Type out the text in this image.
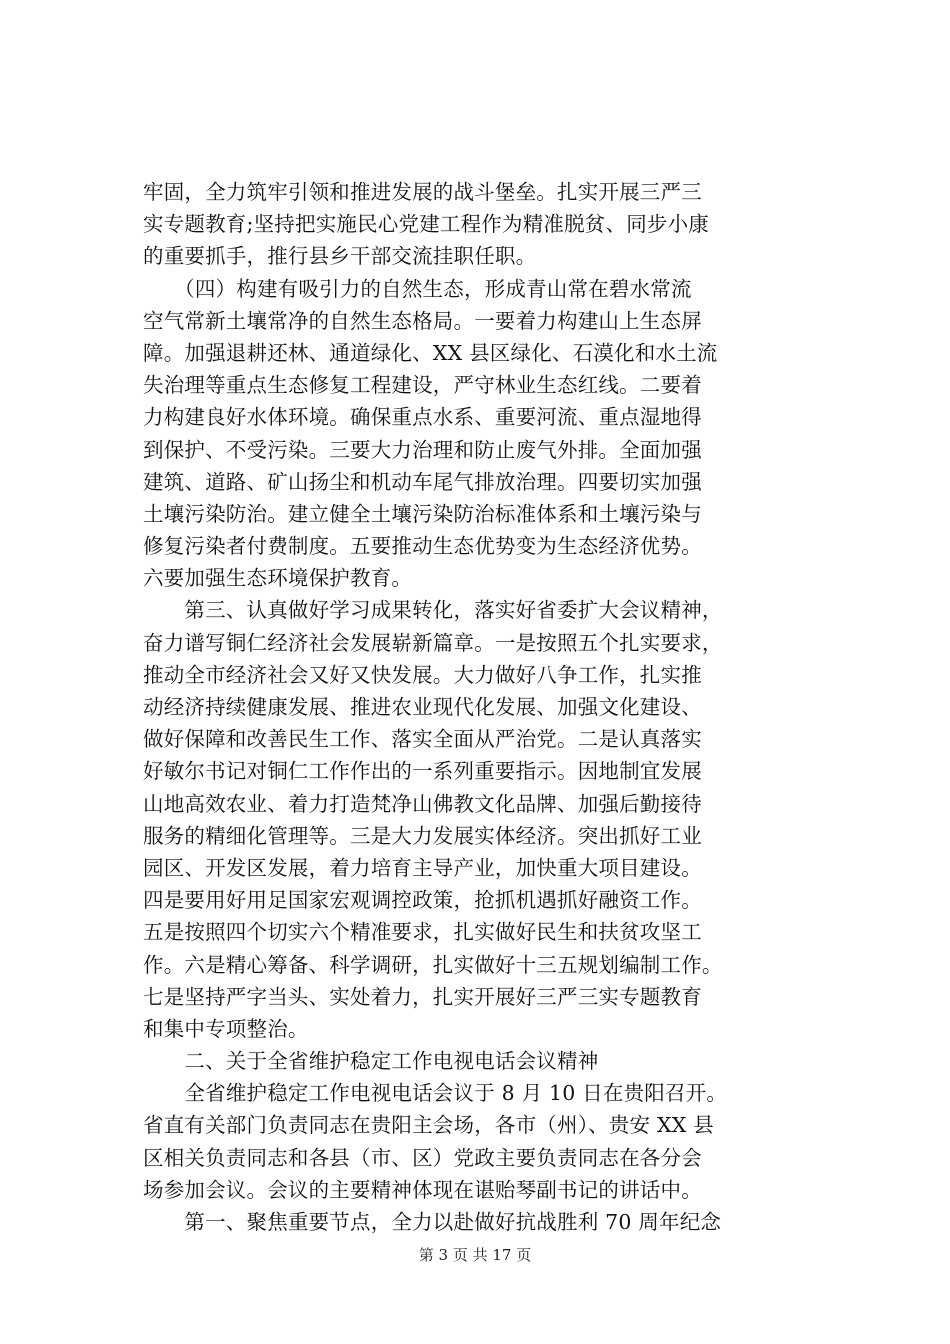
牢固，全力筑牢引领和推进发展的战斗堡垒。扎实开展三严三
实专题教育;坚持把实施民心党建工程作为精准脱贫、同步小康
的重要抓手，推行县乡干部交流挂职任职。
　　（四）构建有吸引力的自然生态，形成青山常在碧水常流
空气常新土壤常净的自然生态格局。一要着力构建山上生态屏
障。加强退耕还林、通道绿化、XX 县区绿化、石漠化和水土流
失治理等重点生态修复工程建设，严守林业生态红线。二要着
力构建良好水体环境。确保重点水系、重要河流、重点湿地得
到保护、不受污染。三要大力治理和防止废气外排。全面加强
建筑、道路、矿山扬尘和机动车尾气排放治理。四要切实加强
土壤污染防治。建立健全土壤污染防治标准体系和土壤污染与
修复污染者付费制度。五要推动生态优势变为生态经济优势。
六要加强生态环境保护教育。
　　第三、认真做好学习成果转化，落实好省委扩大会议精神，
奋力谱写铜仁经济社会发展崭新篇章。一是按照五个扎实要求，
推动全市经济社会又好又快发展。大力做好八争工作，扎实推
动经济持续健康发展、推进农业现代化发展、加强文化建设、
做好保障和改善民生工作、落实全面从严治党。二是认真落实
好敏尔书记对铜仁工作作出的一系列重要指示。因地制宜发展
山地高效农业、着力打造梵净山佛教文化品牌、加强后勤接待
服务的精细化管理等。三是大力发展实体经济。突出抓好工业
园区、开发区发展，着力培育主导产业，加快重大项目建设。
四是要用好用足国家宏观调控政策，抢抓机遇抓好融资工作。
五是按照四个切实六个精准要求，扎实做好民生和扶贫攻坚工
作。六是精心筹备、科学调研，扎实做好十三五规划编制工作。
七是坚持严字当头、实处着力，扎实开展好三严三实专题教育
和集中专项整治。
　　二、关于全省维护稳定工作电视电话会议精神
　　全省维护稳定工作电视电话会议于 8 月 10 日在贵阳召开。
省直有关部门负责同志在贵阳主会场，各市（州）、贵安 XX 县
区相关负责同志和各县（市、区）党政主要负责同志在各分会
场参加会议。会议的主要精神体现在谌贻琴副书记的讲话中。
　　第一、聚焦重要节点，全力以赴做好抗战胜利 70 周年纪念
第 3 页 共 17 页
